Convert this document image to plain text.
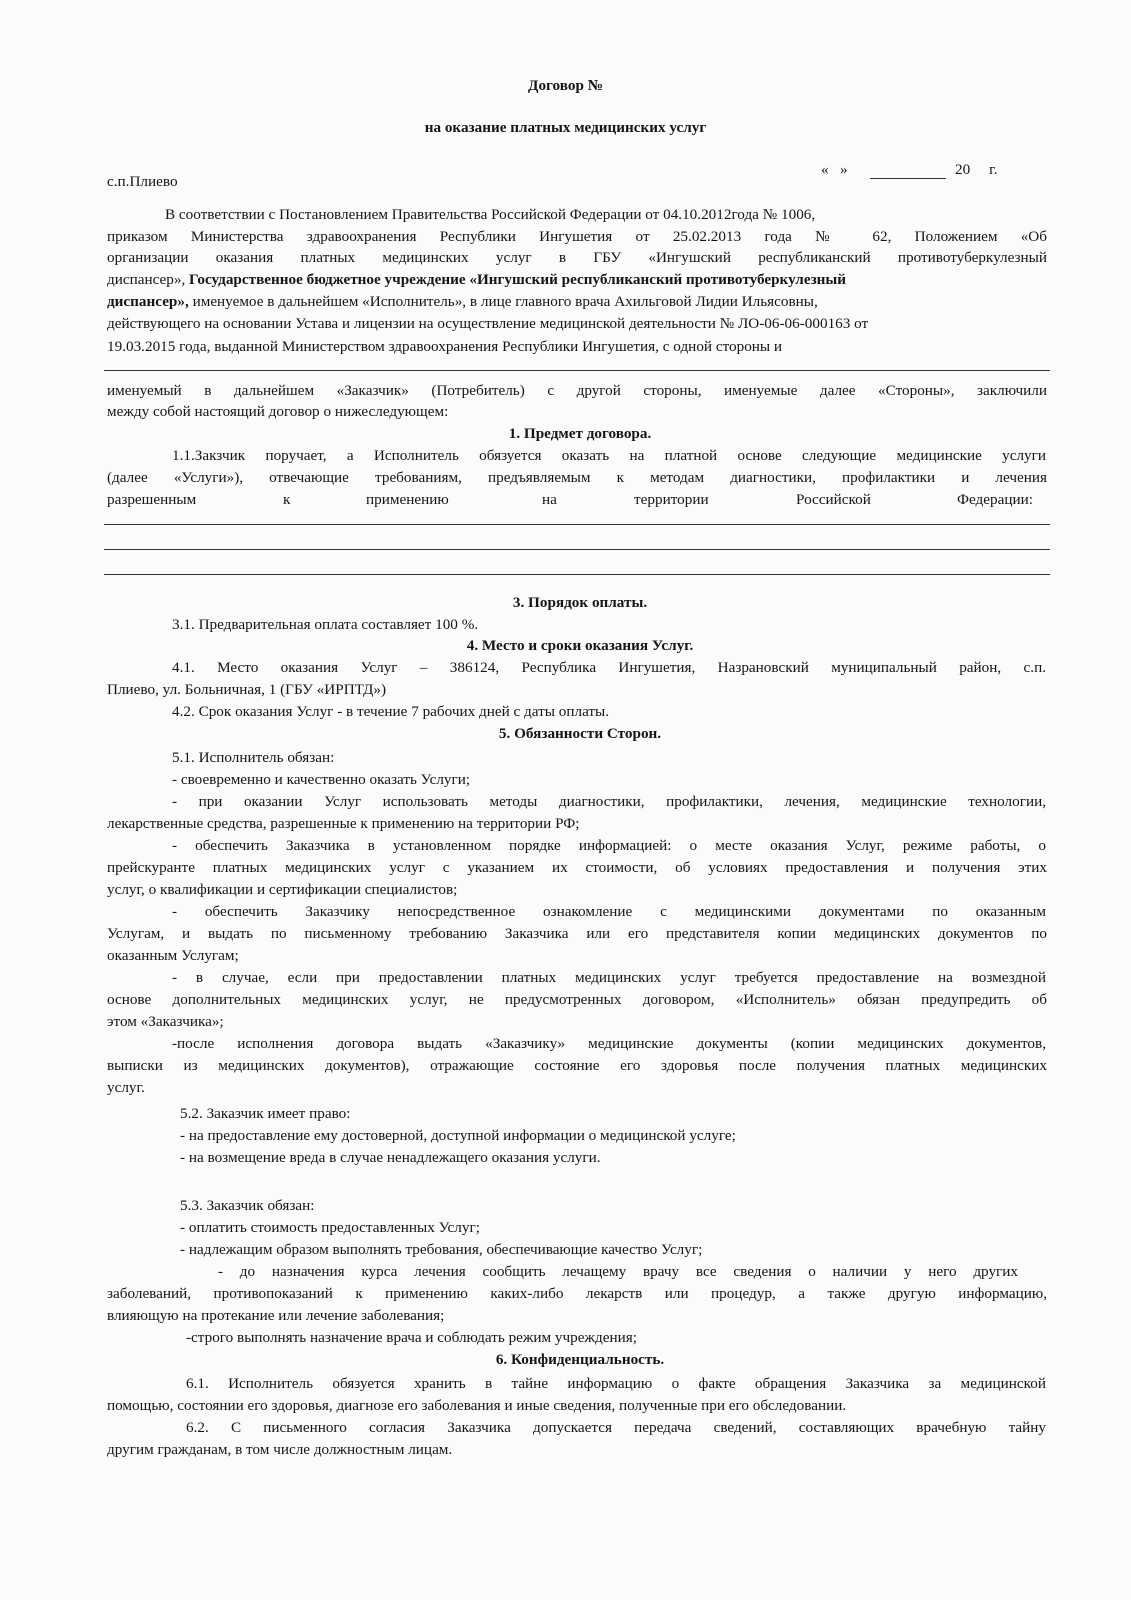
Договор №
на оказание платных медицинских услуг
с.п.Плиево
«   »	20     г.
В соответствии с Постановлением Правительства Российской Федерации от 04.10.2012года № 1006,
приказом Министерства здравоохранения Республики Ингушетия от 25.02.2013 года № 62, Положением «Об
организации оказания платных медицинских услуг в ГБУ «Ингушский республиканский противотуберкулезный
диспансер», Государственное бюджетное учреждение «Ингушский республиканский противотуберкулезный
диспансер», именуемое в дальнейшем «Исполнитель», в лице главного врача Ахильговой Лидии Ильясовны,
действующего на основании Устава и лицензии на осуществление медицинской деятельности № ЛО-06-06-000163 от
19.03.2015 года, выданной Министерством здравоохранения Республики Ингушетия, с одной стороны и
именуемый в дальнейшем «Заказчик» (Потребитель) с другой стороны, именуемые далее «Стороны», заключили
между собой настоящий договор о нижеследующем:
1. Предмет договора.
1.1.Закзчик поручает, а Исполнитель обязуется оказать на платной основе следующие медицинские услуги
(далее «Услуги»), отвечающие требованиям, предъявляемым к методам диагностики, профилактики и лечения
разрешенным	к	применению	на	территории	Российской	Федерации:
3. Порядок оплаты.
3.1. Предварительная оплата составляет 100 %.
4. Место и сроки оказания Услуг.
4.1. Место оказания Услуг – 386124, Республика Ингушетия, Назрановский муниципальный район, с.п.
Плиево, ул. Больничная, 1 (ГБУ «ИРПТД»)
4.2. Срок оказания Услуг - в течение 7 рабочих дней с даты оплаты.
5. Обязанности Сторон.
5.1. Исполнитель обязан:
- своевременно и качественно оказать Услуги;
- при оказании Услуг использовать методы диагностики, профилактики, лечения, медицинские технологии,
лекарственные средства, разрешенные к применению на территории РФ;
- обеспечить Заказчика в установленном порядке информацией: о месте оказания Услуг, режиме работы, о
прейскуранте платных медицинских услуг с указанием их стоимости, об условиях предоставления и получения этих
услуг, о квалификации и сертификации специалистов;
- обеспечить Заказчику непосредственное ознакомление с медицинскими документами по оказанным
Услугам, и выдать по письменному требованию Заказчика или его представителя копии медицинских документов по
оказанным Услугам;
- в случае, если при предоставлении платных медицинских услуг требуется предоставление на возмездной
основе дополнительных медицинских услуг, не предусмотренных договором, «Исполнитель» обязан предупредить об
этом «Заказчика»;
-после исполнения договора выдать «Заказчику» медицинские документы (копии медицинских документов,
выписки из медицинских документов), отражающие состояние его здоровья после получения платных медицинских
услуг.
5.2. Заказчик имеет право:
- на предоставление ему достоверной, доступной информации о медицинской услуге;
- на возмещение вреда в случае ненадлежащего оказания услуги.
5.3. Заказчик обязан:
- оплатить стоимость предоставленных Услуг;
- надлежащим образом выполнять требования, обеспечивающие качество Услуг;
- до назначения курса лечения сообщить лечащему врачу все сведения о наличии у него других
заболеваний, противопоказаний к применению каких-либо лекарств или процедур, а также другую информацию,
влияющую на протекание или лечение заболевания;
-строго выполнять назначение врача и соблюдать режим учреждения;
6. Конфиденциальность.
6.1. Исполнитель обязуется хранить в тайне информацию о факте обращения Заказчика за медицинской
помощью, состоянии его здоровья, диагнозе его заболевания и иные сведения, полученные при его обследовании.
6.2. С письменного согласия Заказчика допускается передача сведений, составляющих врачебную тайну
другим гражданам, в том числе должностным лицам.
